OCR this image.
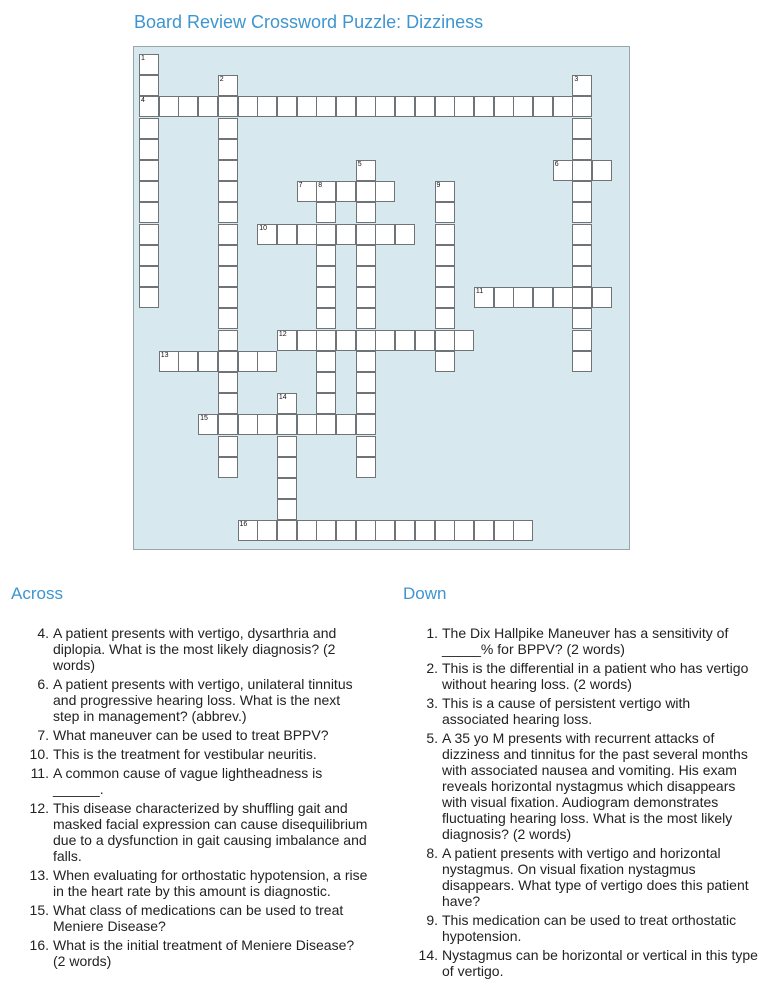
Board Review Crossword Puzzle: Dizziness
1
4
2	3
5	6
7 8	9
10
11
12
13
14
15
16
Across
4. A patient presents with vertigo, dysarthria and diplopia. What is the most likely diagnosis? (2 words)
6. A patient presents with vertigo, unilateral tinnitus and progressive hearing loss. What is the next step in management? (abbrev.)
7. What maneuver can be used to treat BPPV?
10. This is the treatment for vestibular neuritis.
11. A common cause of vague lightheadness is ______.
12. This disease characterized by shuffling gait and masked facial expression can cause disequilibrium due to a dysfunction in gait causing imbalance and falls.
13. When evaluating for orthostatic hypotension, a rise in the heart rate by this amount is diagnostic.
15. What class of medications can be used to treat Meniere Disease?
16. What is the initial treatment of Meniere Disease? (2 words)
Down
1. The Dix Hallpike Maneuver has a sensitivity of _____% for BPPV? (2 words)
2. This is the differential in a patient who has vertigo without hearing loss. (2 words)
3. This is a cause of persistent vertigo with associated hearing loss.
5. A 35 yo M presents with recurrent attacks of dizziness and tinnitus for the past several months with associated nausea and vomiting. His exam reveals horizontal nystagmus which disappears with visual fixation. Audiogram demonstrates fluctuating hearing loss. What is the most likely diagnosis? (2 words)
8. A patient presents with vertigo and horizontal nystagmus. On visual fixation nystagmus disappears. What type of vertigo does this patient have?
9. This medication can be used to treat orthostatic hypotension.
14. Nystagmus can be horizontal or vertical in this type of vertigo.
